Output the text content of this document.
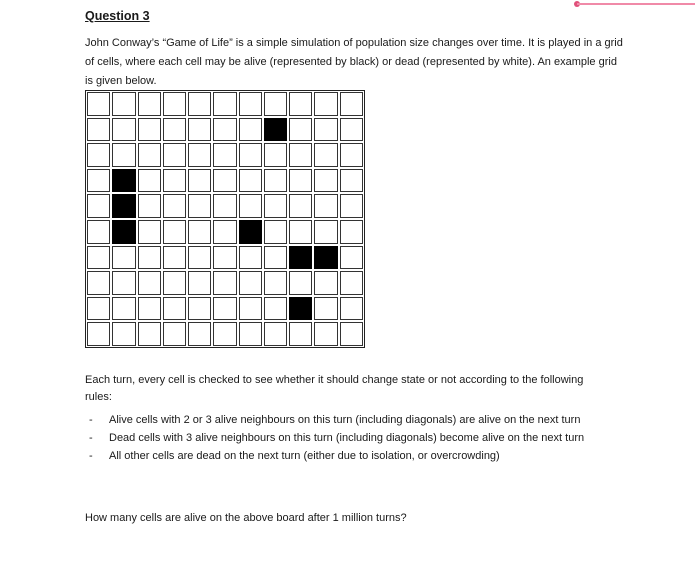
Question 3

John Conway’s “Game of Life” is a simple simulation of population size changes over time. It is played in a grid of cells, where each cell may be alive (represented by black) or dead (represented by white). An example grid is given below.

Each turn, every cell is checked to see whether it should change state or not according to the following rules:

- Alive cells with 2 or 3 alive neighbours on this turn (including diagonals) are alive on the next turn
- Dead cells with 3 alive neighbours on this turn (including diagonals) become alive on the next turn
- All other cells are dead on the next turn (either due to isolation, or overcrowding)

How many cells are alive on the above board after 1 million turns?
